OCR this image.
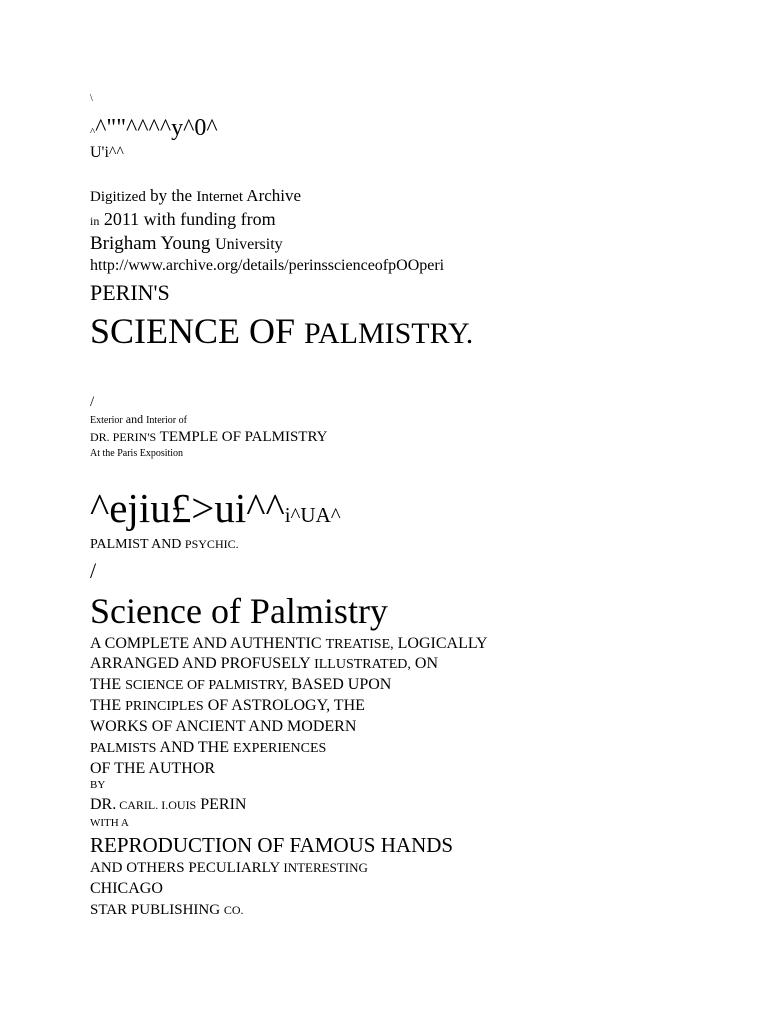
\
^^""^^^^y^0^
U'i^^
Digitized by the Internet Archive
in 2011 with funding from
Brigham Young University
http://www.archive.org/details/perinsscienceofpOOperi
PERIN'S
SCIENCE OF PALMISTRY.
/
Exterior and Interior of
DR. PERIN'S TEMPLE OF PALMISTRY
At the Paris Exposition
^ejiu£>ui^^i^UA^
PALMIST AND PSYCHIC.
/
Science of Palmistry
A COMPLETE AND AUTHENTIC TREATISE, LOGICALLY
ARRANGED AND PROFUSELY ILLUSTRATED, ON
THE SCIENCE OF PALMISTRY, BASED UPON
THE PRINCIPLES OF ASTROLOGY, THE
WORKS OF ANCIENT AND MODERN
PALMISTS AND THE EXPERIENCES
OF THE AUTHOR
BY
DR. CARIL. I.OUIS PERIN
WITH A
REPRODUCTION OF FAMOUS HANDS
AND OTHERS PECULIARLY INTERESTING
CHICAGO
STAR PUBLISHING CO.
